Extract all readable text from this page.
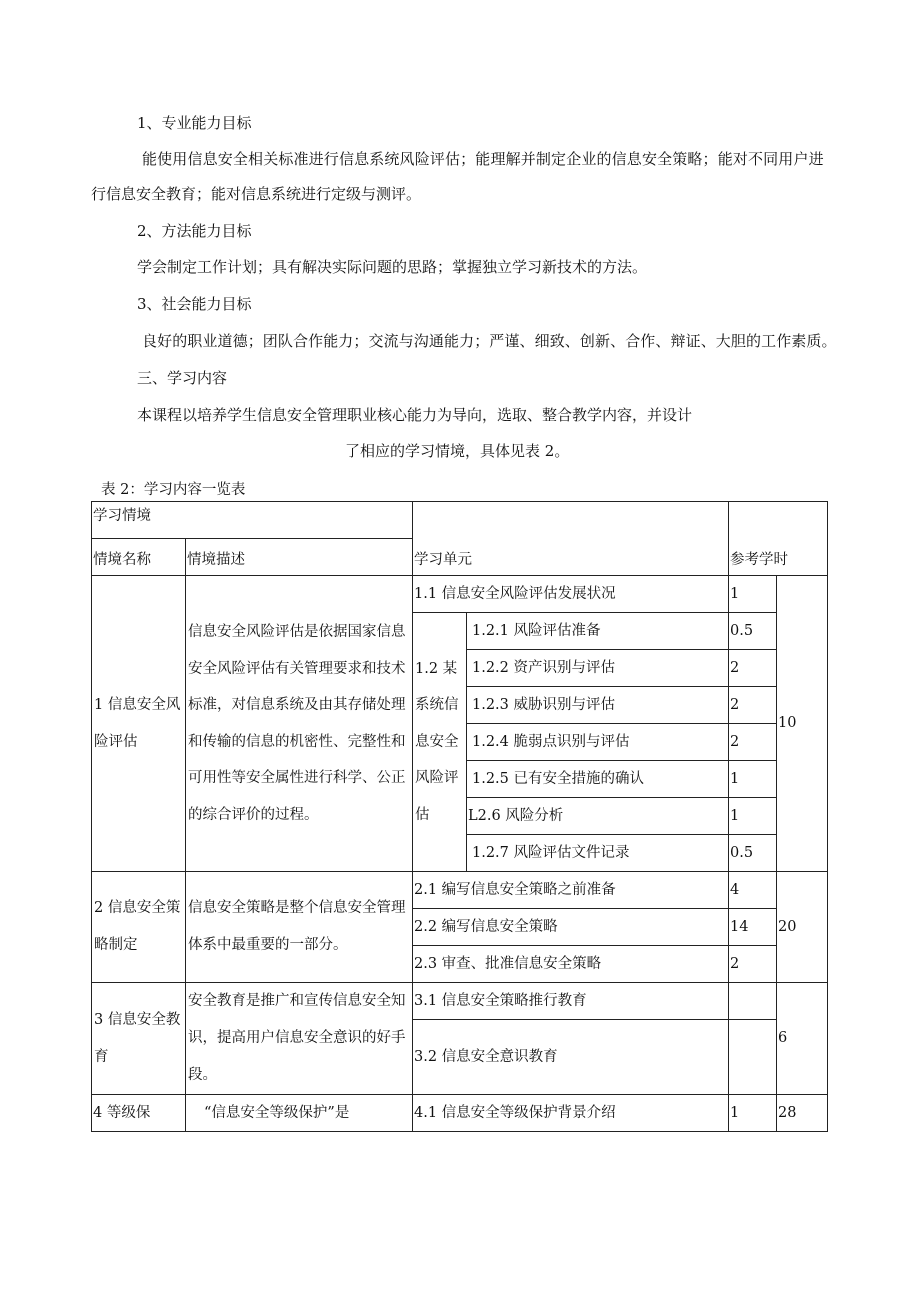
1、专业能力目标
能使用信息安全相关标准进行信息系统风险评估；能理解并制定企业的信息安全策略；能对不同用户进
行信息安全教育；能对信息系统进行定级与测评。
2、方法能力目标
学会制定工作计划；具有解决实际问题的思路；掌握独立学习新技术的方法。
3、社会能力目标
良好的职业道德；团队合作能力；交流与沟通能力；严谨、细致、创新、合作、辩证、大胆的工作素质。
三、学习内容
本课程以培养学生信息安全管理职业核心能力为导向，选取、整合教学内容，并设计
了相应的学习情境，具体见表 2。
表 2：学习内容一览表
学习情境		学习单元		参考学时	
情境名称	情境描述				
1 信息安全风险评估	信息安全风险评估是依据国家信息安全风险评估有关管理要求和技术标准，对信息系统及由其存储处理和传输的信息的机密性、完整性和可用性等安全属性进行科学、公正的综合评价的过程。	1.1 信息安全风险评估发展状况		1	10
		1.2 某系统信息安全风险评估	1.2.1 风险评估准备	0.5	
			1.2.2 资产识别与评估	2	
			1.2.3 威胁识别与评估	2	
			1.2.4 脆弱点识别与评估	2	
			1.2.5 已有安全措施的确认	1	
			L2.6 风险分析	1	
			1.2.7 风险评估文件记录	0.5	
2 信息安全策略制定	信息安全策略是整个信息安全管理体系中最重要的一部分。	2.1 编写信息安全策略之前准备		4	20
		2.2 编写信息安全策略		14	
		2.3 审查、批准信息安全策略		2	
3 信息安全教育	安全教育是推广和宣传信息安全知识，提高用户信息安全意识的好手段。	3.1 信息安全策略推行教育			6
		3.2 信息安全意识教育			
4 等级保	“信息安全等级保护”是	4.1 信息安全等级保护背景介绍		1	28
